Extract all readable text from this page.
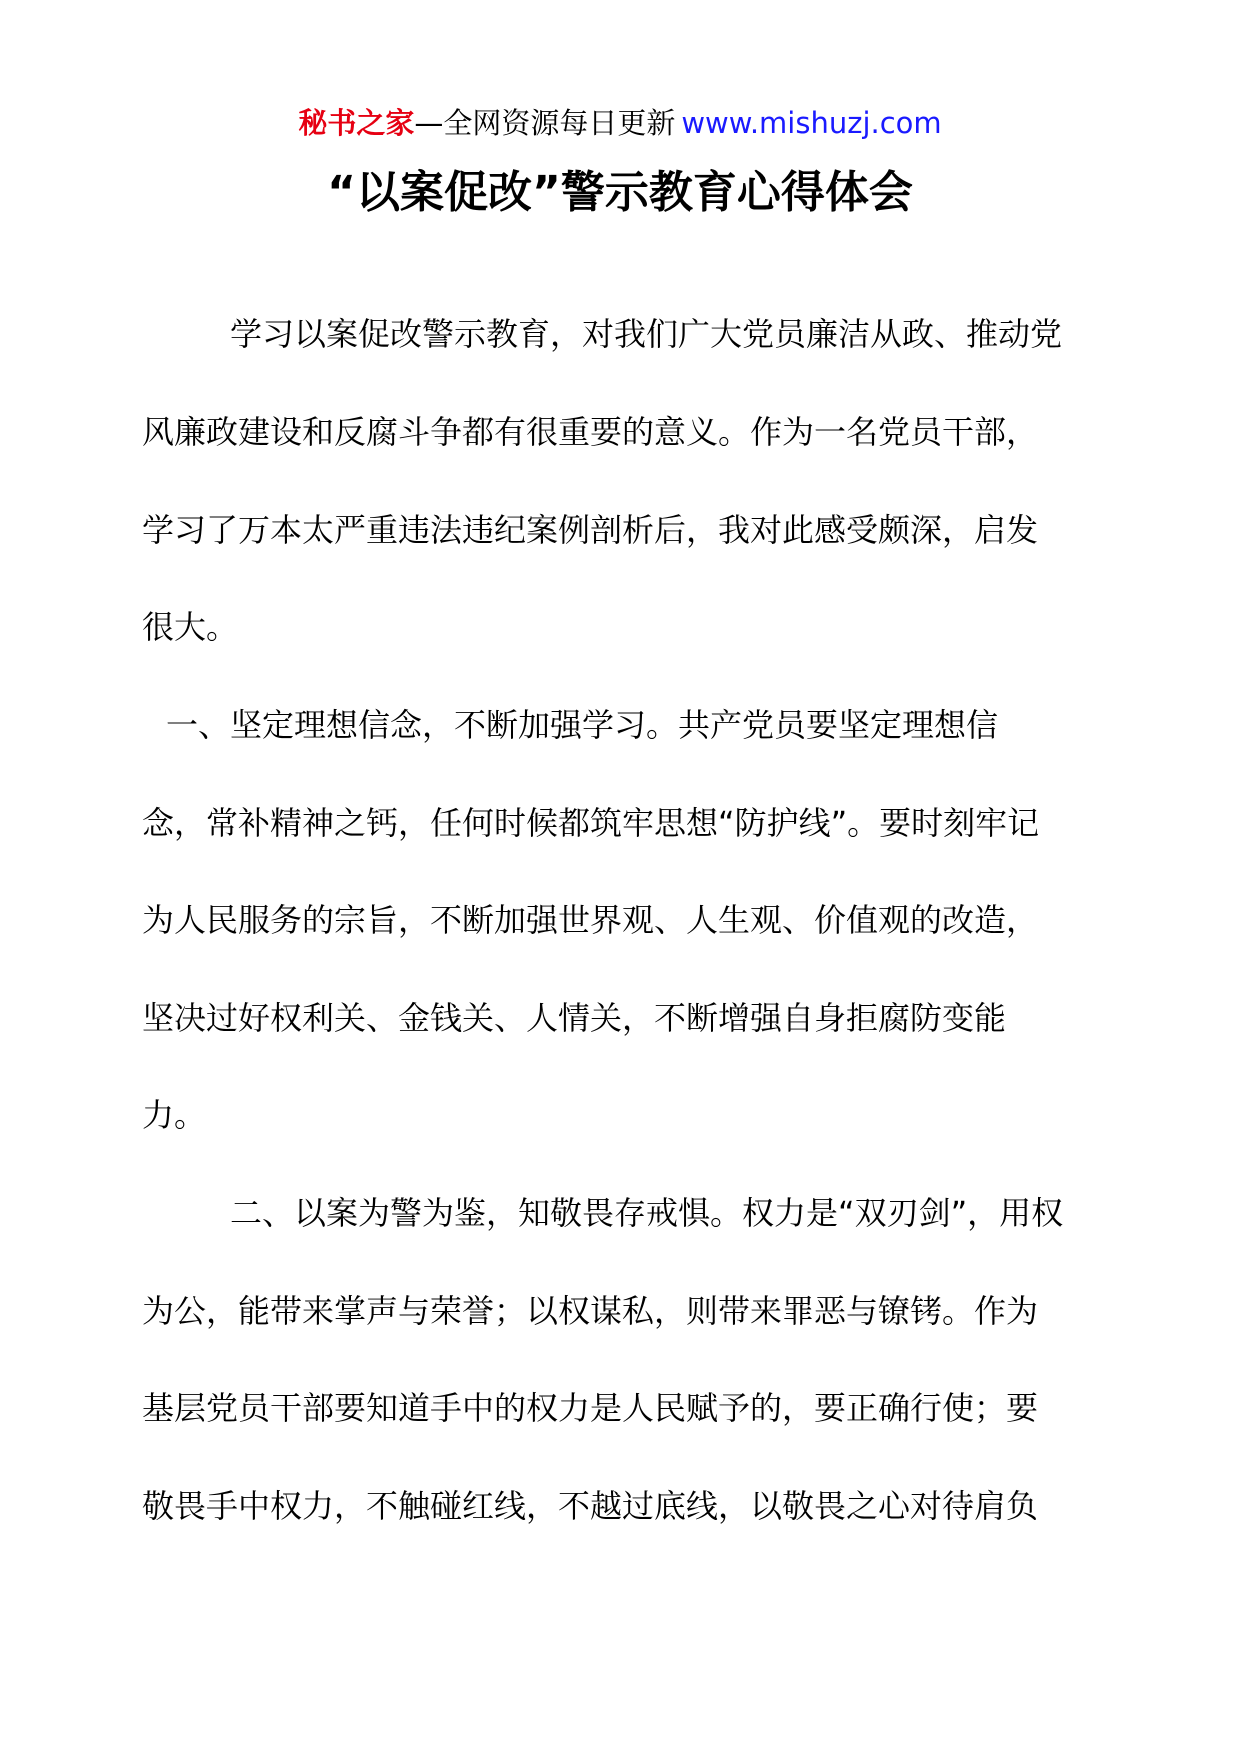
秘书之家—全网资源每日更新 www.mishuzj.com
“以案促改”警示教育心得体会

学习以案促改警示教育，对我们广大党员廉洁从政、推动党

风廉政建设和反腐斗争都有很重要的意义。作为一名党员干部，

学习了万本太严重违法违纪案例剖析后，我对此感受颇深，启发

很大。

一、坚定理想信念，不断加强学习。共产党员要坚定理想信

念，常补精神之钙，任何时候都筑牢思想“防护线”。要时刻牢记

为人民服务的宗旨，不断加强世界观、人生观、价值观的改造，

坚决过好权利关、金钱关、人情关，不断增强自身拒腐防变能

力。

二、以案为警为鉴，知敬畏存戒惧。权力是“双刃剑”，用权

为公，能带来掌声与荣誉；以权谋私，则带来罪恶与镣铐。作为

基层党员干部要知道手中的权力是人民赋予的，要正确行使；要

敬畏手中权力，不触碰红线，不越过底线，以敬畏之心对待肩负
